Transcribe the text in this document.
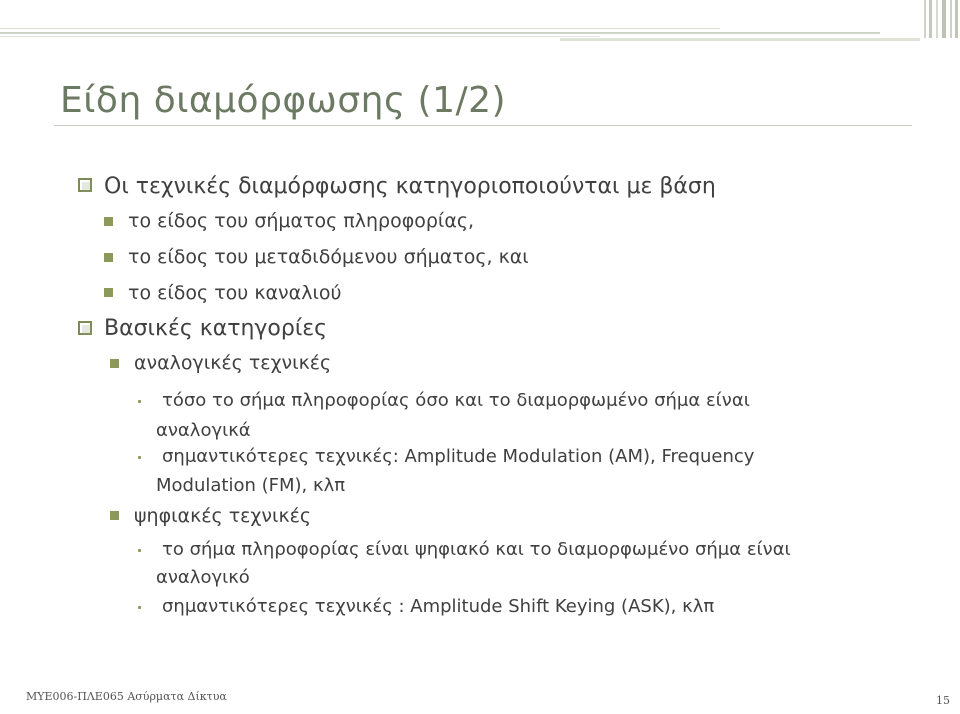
Είδη διαμόρφωσης (1/2)
Οι τεχνικές διαμόρφωσης κατηγοριοποιούνται με βάση
το είδος του σήματος πληροφορίας,
το είδος του μεταδιδόμενου σήματος, και
το είδος του καναλιού
Βασικές κατηγορίες
αναλογικές τεχνικές
τόσο το σήμα πληροφορίας όσο και το διαμορφωμένο σήμα είναι
αναλογικά
σημαντικότερες τεχνικές: Amplitude Modulation (AM), Frequency
Modulation (FM), κλπ
ψηφιακές τεχνικές
το σήμα πληροφορίας είναι ψηφιακό και το διαμορφωμένο σήμα είναι
αναλογικό
σημαντικότερες τεχνικές : Amplitude Shift Keying (ASK), κλπ
ΜΥΕ006-ΠΛΕ065 Ασύρματα Δίκτυα	15
